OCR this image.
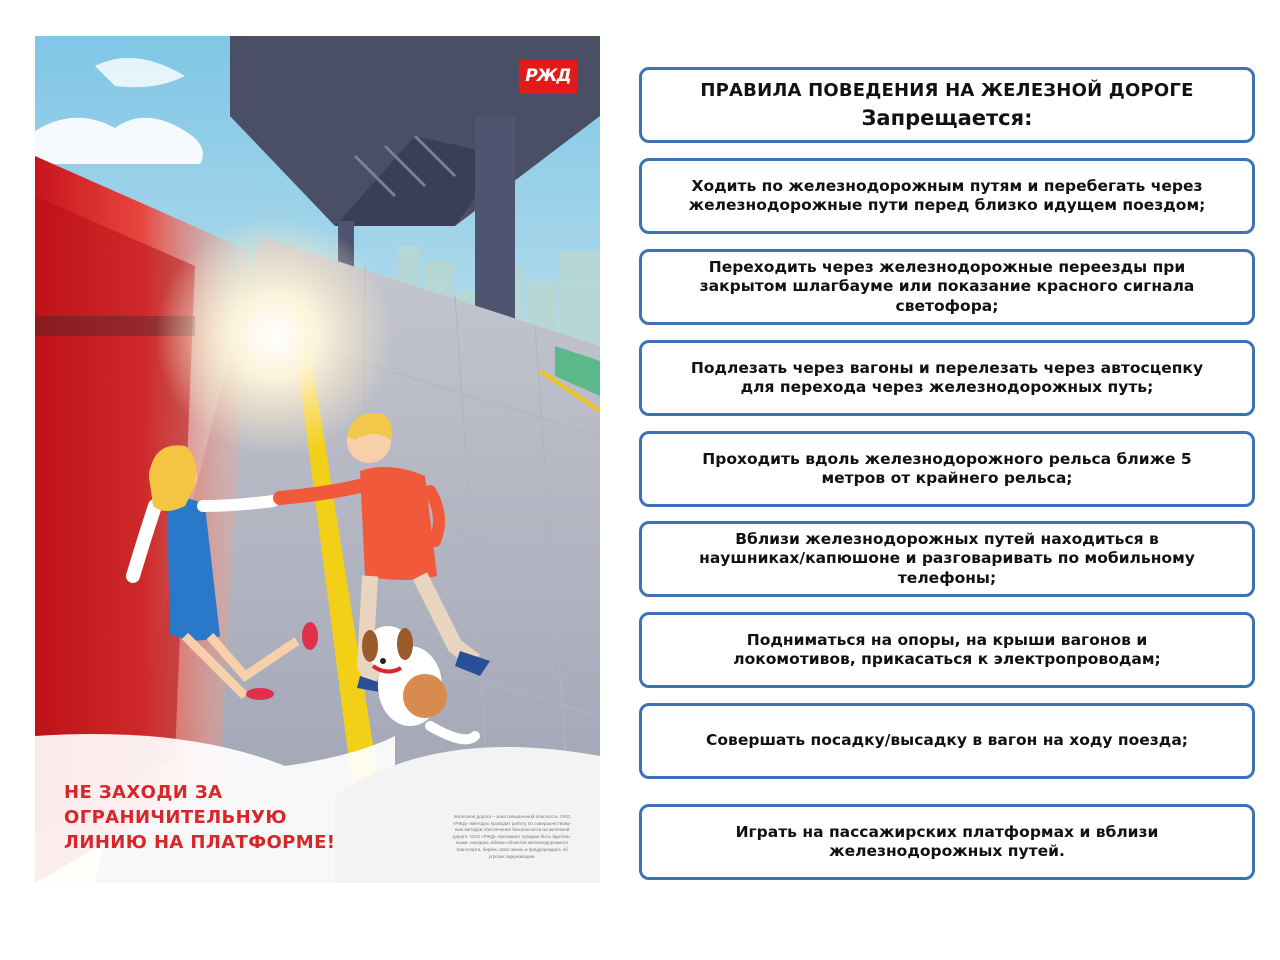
РЖД
НЕ ЗАХОДИ ЗА
ОГРАНИЧИТЕЛЬНУЮ
ЛИНИЮ НА ПЛАТФОРМЕ!
Железная дорога – зона повышенной опасности. ОАО
«РЖД» ежегодно проводит работу по совершенствова-
нию методов обеспечения безопасности на железной
дороге. ОАО «РЖД» призывает граждан быть бдитель-
ными, находясь вблизи объектов железнодорожного
транспорта, беречь свою жизнь и предупреждать об
угрозах окружающим.
ПРАВИЛА ПОВЕДЕНИЯ НА ЖЕЛЕЗНОЙ ДОРОГЕ
Запрещается:
Ходить по железнодорожным путям и перебегать через
железнодорожные пути перед близко идущем поездом;
Переходить через железнодорожные переезды при
закрытом шлагбауме или показание красного сигнала
светофора;
Подлезать через вагоны и перелезать через автосцепку
для перехода через железнодорожных путь;
Проходить вдоль железнодорожного рельса ближе 5
метров от крайнего рельса;
Вблизи железнодорожных путей находиться в
наушниках/капюшоне и разговаривать по мобильному
телефоны;
Подниматься на опоры, на крыши вагонов и
локомотивов, прикасаться к электропроводам;
Совершать посадку/высадку в вагон на ходу поезда;
Играть на пассажирских платформах и вблизи
железнодорожных путей.
